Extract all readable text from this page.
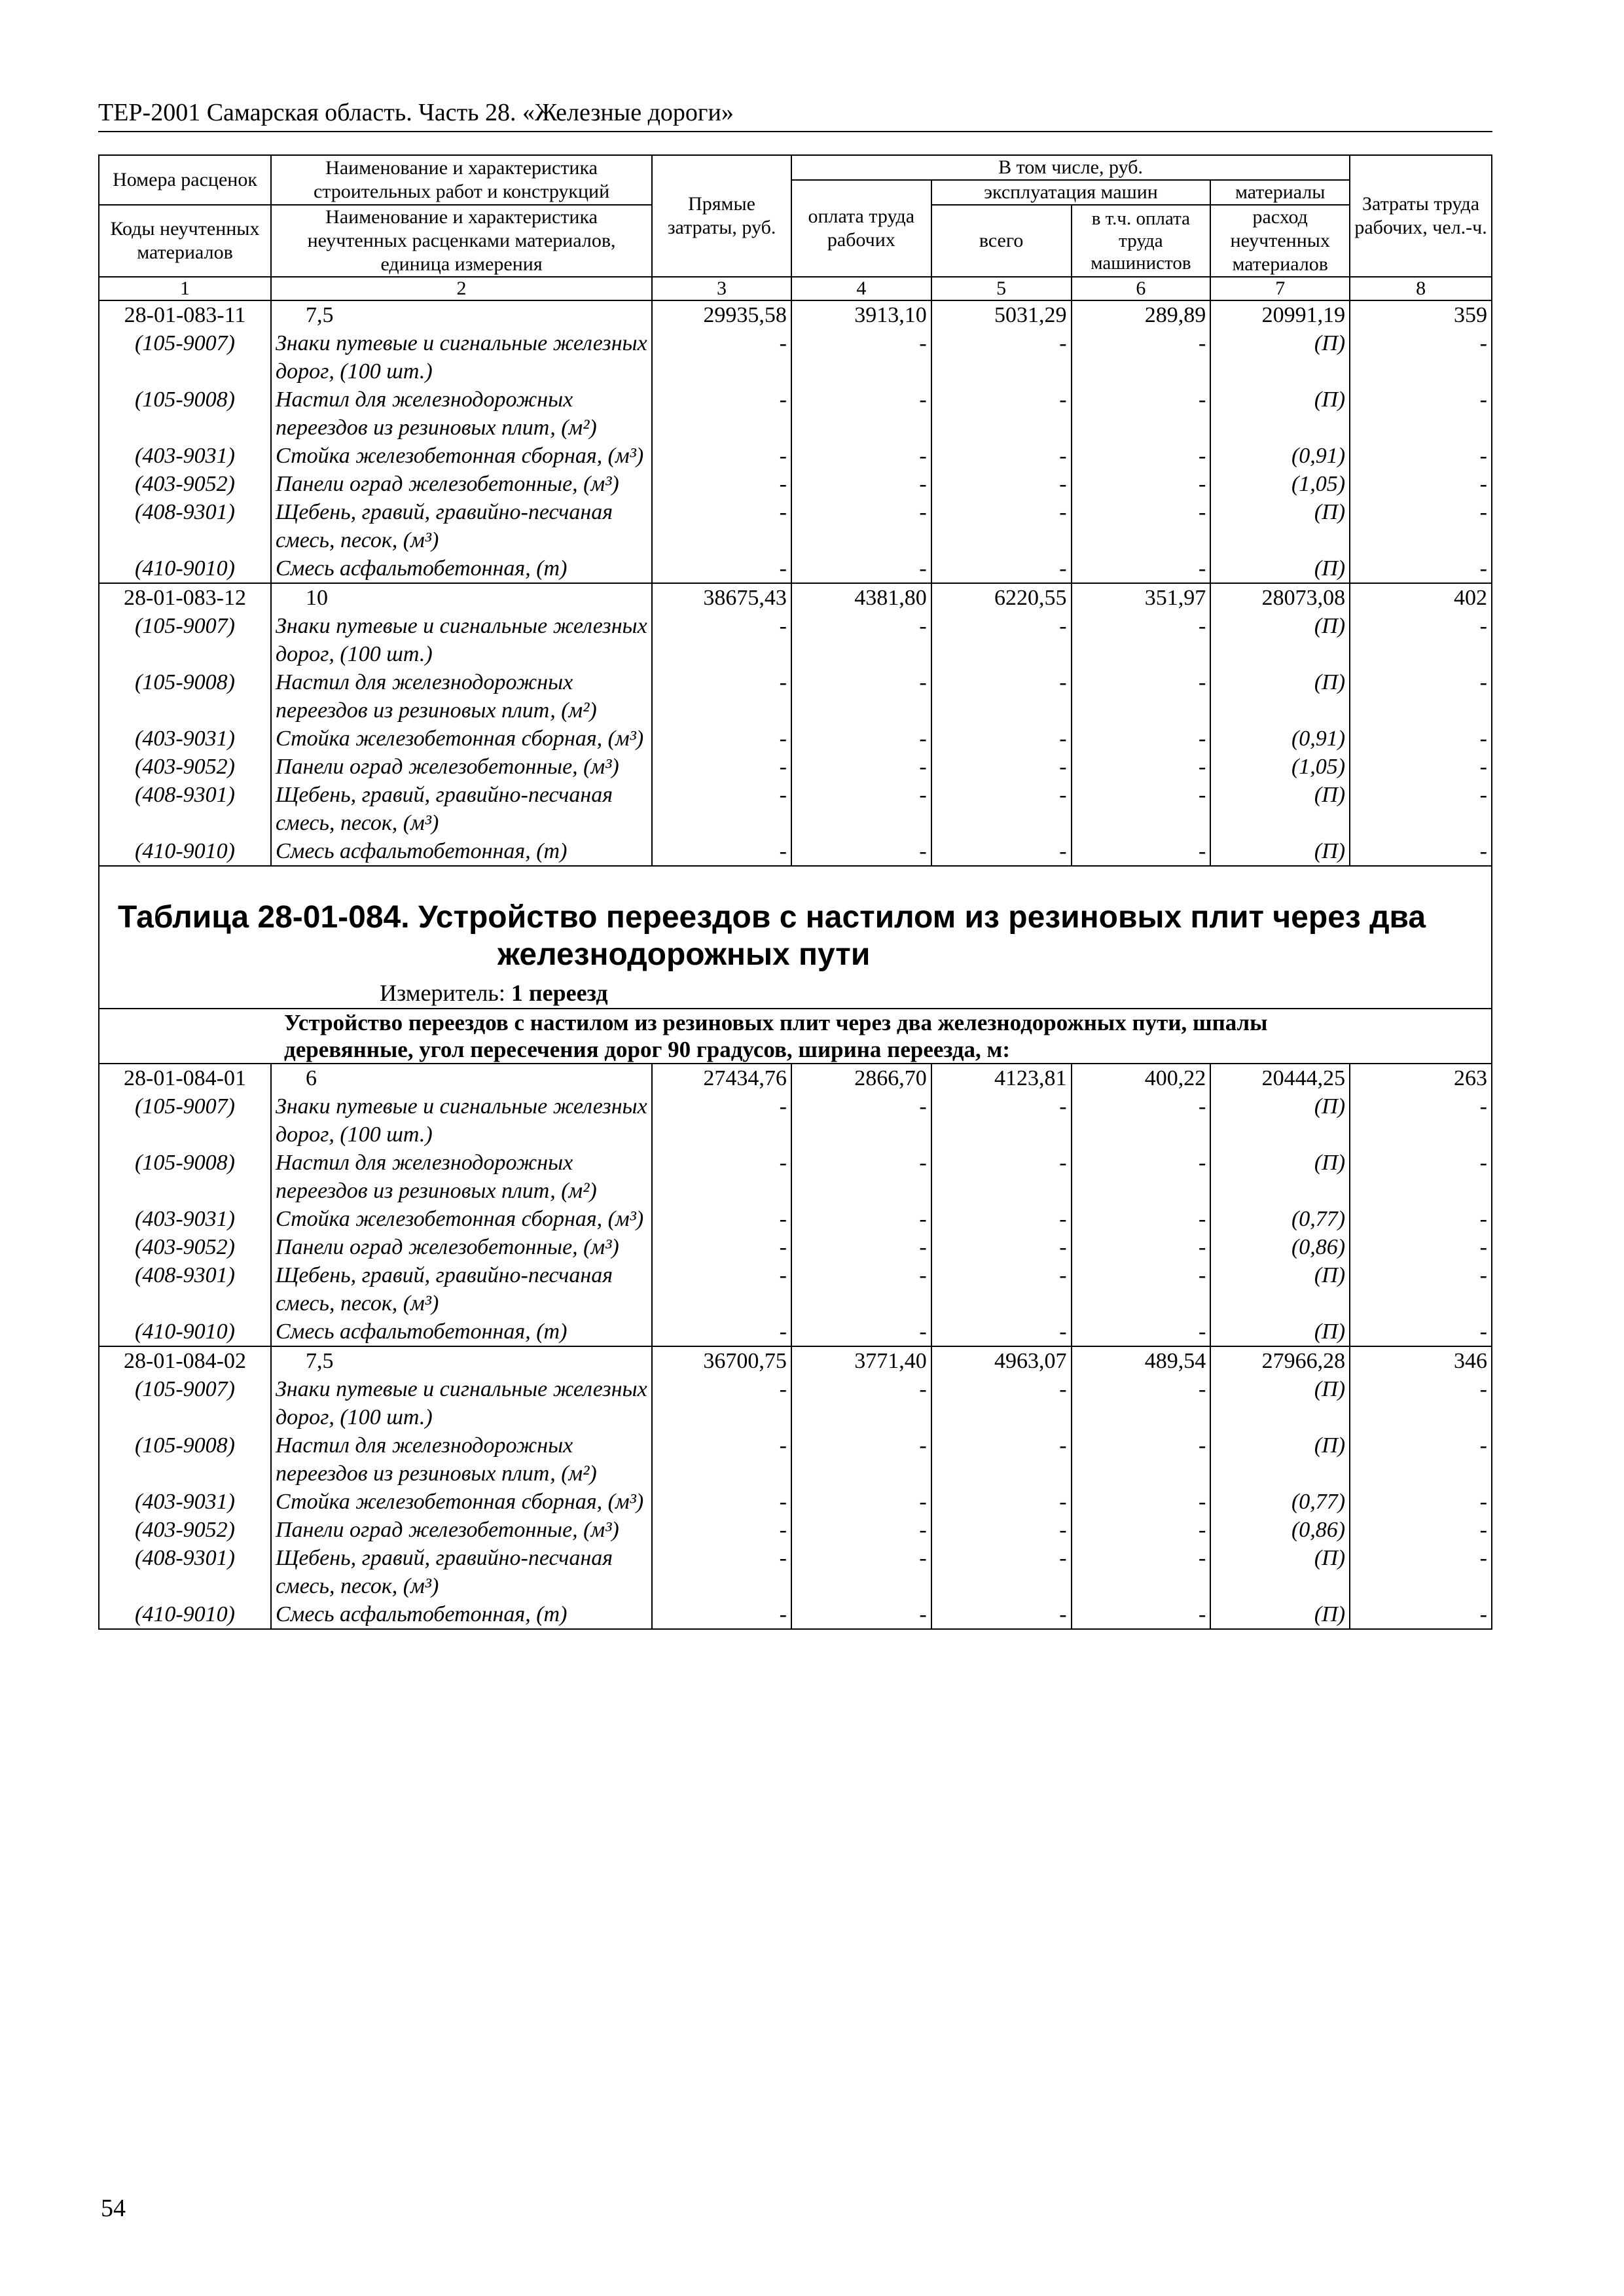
ТЕР-2001 Самарская область. Часть 28. «Железные дороги»
Номера расценок	Наименование и характеристика строительных работ и конструкций	Прямые затраты, руб.	В том числе, руб.				Затраты труда рабочих, чел.-ч.
			оплата труда рабочих	эксплуатация машин		материалы	
Коды неучтенных материалов	Наименование и характеристика неучтенных расценками материалов, единица измерения			всего	в т.ч. оплата труда машинистов	расход неучтенных материалов	

1	2	3	4	5	6	7	8
28-01-083-11	7,5	29935,58	3913,10	5031,29	289,89	20991,19	359
(105-9007)	Знаки путевые и сигнальные железных дорог, (100 шт.)	-	-	-	-	(П)	-
(105-9008)	Настил для железнодорожных переездов из резиновых плит, (м²)	-	-	-	-	(П)	-
(403-9031)	Стойка железобетонная сборная, (м³)	-	-	-	-	(0,91)	-
(403-9052)	Панели оград железобетонные, (м³)	-	-	-	-	(1,05)	-
(408-9301)	Щебень, гравий, гравийно-песчаная смесь, песок, (м³)	-	-	-	-	(П)	-
(410-9010)	Смесь асфальтобетонная, (т)	-	-	-	-	(П)	-
28-01-083-12	10	38675,43	4381,80	6220,55	351,97	28073,08	402
(105-9007)	Знаки путевые и сигнальные железных дорог, (100 шт.)	-	-	-	-	(П)	-
(105-9008)	Настил для железнодорожных переездов из резиновых плит, (м²)	-	-	-	-	(П)	-
(403-9031)	Стойка железобетонная сборная, (м³)	-	-	-	-	(0,91)	-
(403-9052)	Панели оград железобетонные, (м³)	-	-	-	-	(1,05)	-
(408-9301)	Щебень, гравий, гравийно-песчаная смесь, песок, (м³)	-	-	-	-	(П)	-
(410-9010)	Смесь асфальтобетонная, (т)	-	-	-	-	(П)	-

Таблица 28-01-084. Устройство переездов с настилом из резиновых плит через два
железнодорожных пути
Измеритель: 1 переезд							

Устройство переездов с настилом из резиновых плит через два железнодорожных пути, шпалы деревянные, угол пересечения дорог 90 градусов, ширина переезда, м:							
28-01-084-01	6	27434,76	2866,70	4123,81	400,22	20444,25	263
(105-9007)	Знаки путевые и сигнальные железных дорог, (100 шт.)	-	-	-	-	(П)	-
(105-9008)	Настил для железнодорожных переездов из резиновых плит, (м²)	-	-	-	-	(П)	-
(403-9031)	Стойка железобетонная сборная, (м³)	-	-	-	-	(0,77)	-
(403-9052)	Панели оград железобетонные, (м³)	-	-	-	-	(0,86)	-
(408-9301)	Щебень, гравий, гравийно-песчаная смесь, песок, (м³)	-	-	-	-	(П)	-
(410-9010)	Смесь асфальтобетонная, (т)	-	-	-	-	(П)	-
28-01-084-02	7,5	36700,75	3771,40	4963,07	489,54	27966,28	346
(105-9007)	Знаки путевые и сигнальные железных дорог, (100 шт.)	-	-	-	-	(П)	-
(105-9008)	Настил для железнодорожных переездов из резиновых плит, (м²)	-	-	-	-	(П)	-
(403-9031)	Стойка железобетонная сборная, (м³)	-	-	-	-	(0,77)	-
(403-9052)	Панели оград железобетонные, (м³)	-	-	-	-	(0,86)	-
(408-9301)	Щебень, гравий, гравийно-песчаная смесь, песок, (м³)	-	-	-	-	(П)	-
(410-9010)	Смесь асфальтобетонная, (т)	-	-	-	-	(П)	-
54
